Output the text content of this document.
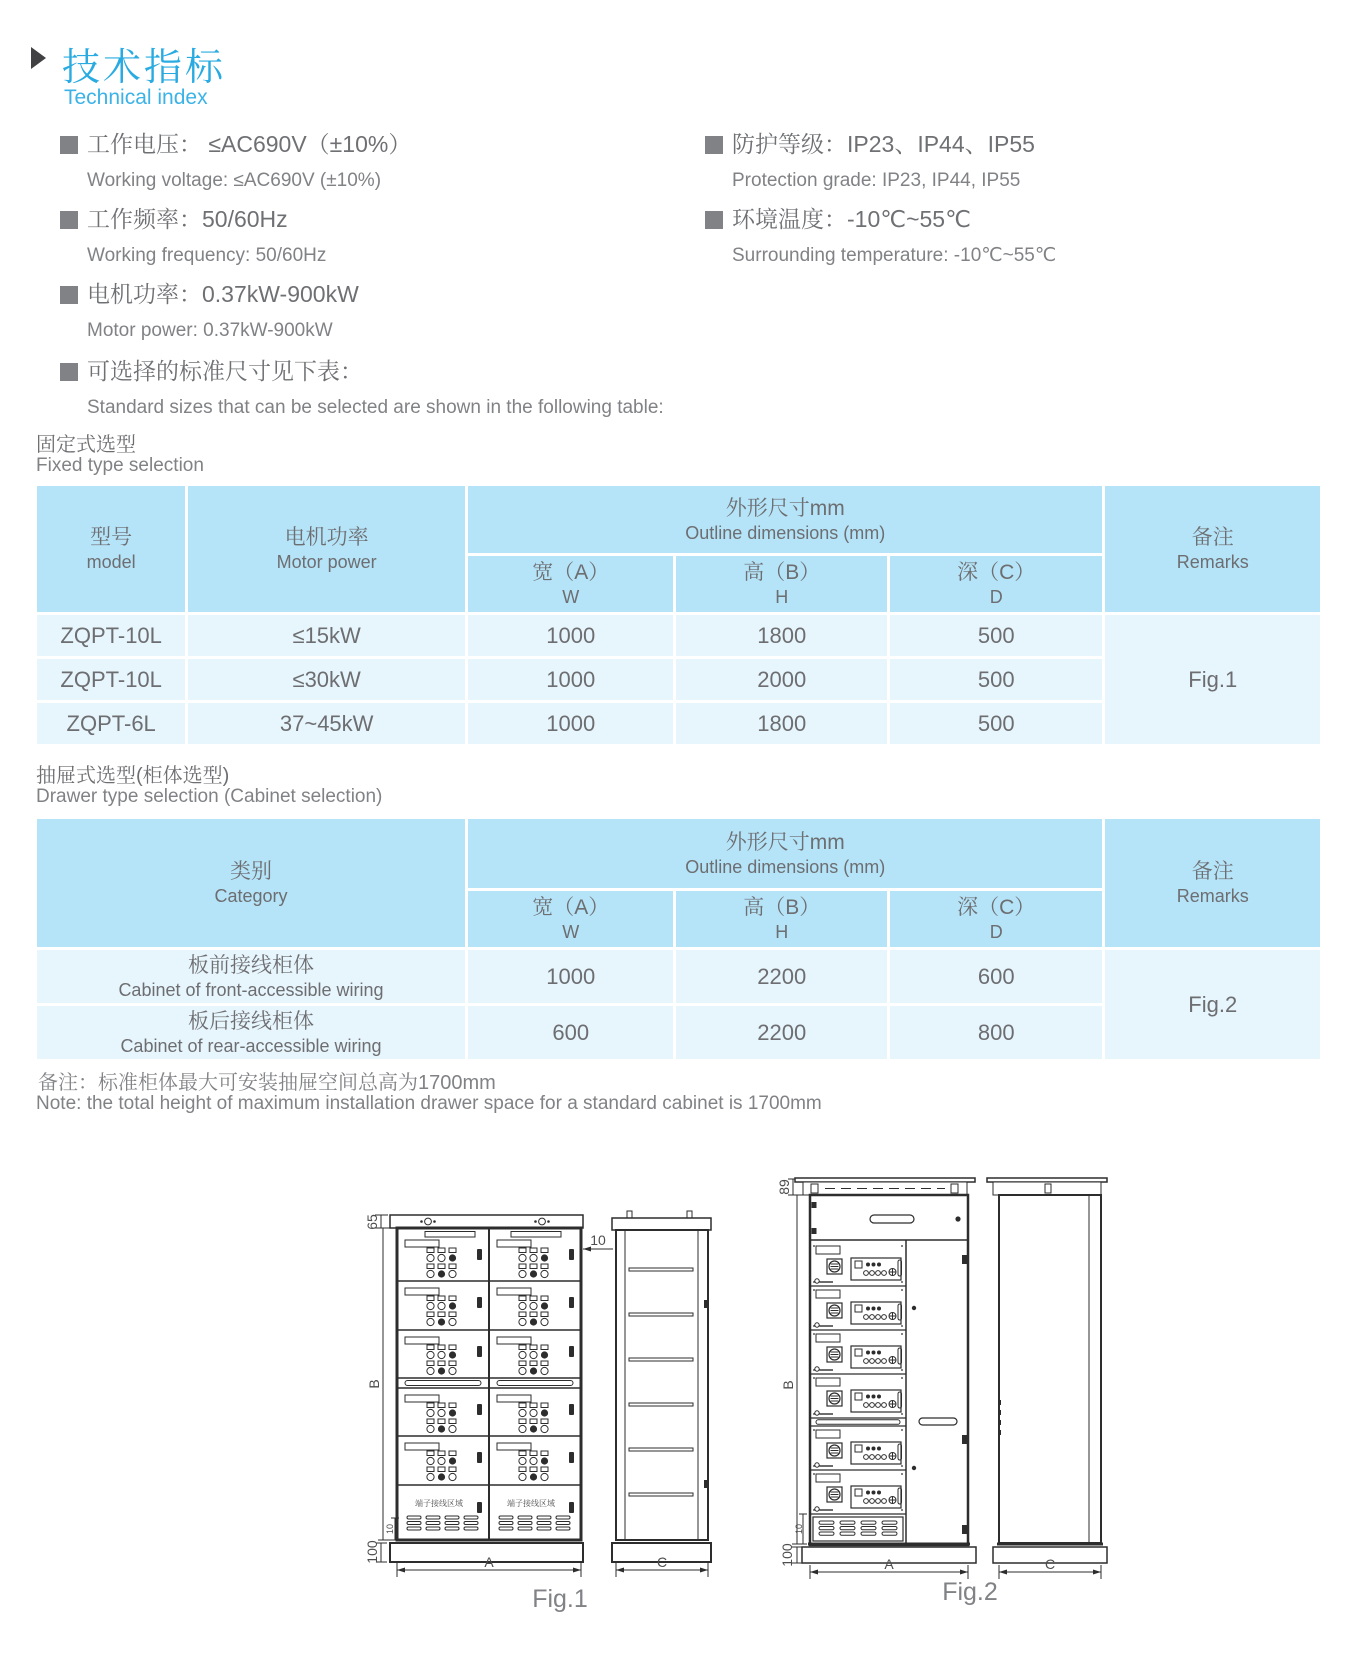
技术指标
Technical index
工作电压： ≤AC690V（±10%）
Working voltage: ≤AC690V (±10%)
工作频率：50/60Hz
Working frequency: 50/60Hz
电机功率：0.37kW-900kW
Motor power: 0.37kW-900kW
防护等级：IP23、IP44、IP55
Protection grade: IP23, IP44, IP55
环境温度：-10℃~55℃
Surrounding temperature: -10℃~55℃
可选择的标准尺寸见下表：
Standard sizes that can be selected are shown in the following table:
固定式选型
Fixed type selection
型号
model	电机功率
Motor power	外形尺寸mm
Outline dimensions (mm)			备注
Remarks

		宽（A）
W	高（B）
H	深（C）
D	

ZQPT-10L	≤15kW	1000	1800	500	Fig.1
ZQPT-10L	≤30kW	1000	2000	500	
ZQPT-6L	37~45kW	1000	1800	500	
抽屉式选型(柜体选型)
Drawer type selection (Cabinet selection)
类别
Category	外形尺寸mm
Outline dimensions (mm)			备注
Remarks

	宽（A）
W	高（B）
H	深（C）
D	

板前接线柜体
Cabinet of front-accessible wiring	1000	2200	600	Fig.2

板后接线柜体
Cabinet of rear-accessible wiring	600	2200	800	
备注：标准柜体最大可安装抽屉空间总高为1700mm
Note: the total height of maximum installation drawer space for a standard cabinet is 1700mm
65
端子接线区域	端子接线区域
10
B
10
100	A	C
Fig.1
89
B
10
100	A	C
Fig.2
